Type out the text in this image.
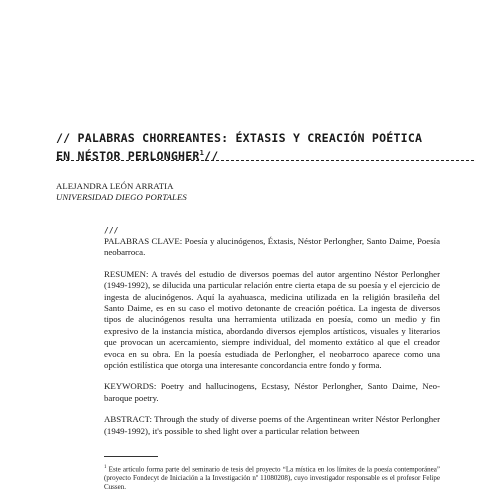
// PALABRAS CHORREANTES: ÉXTASIS Y CREACIÓN POÉTICA
EN NÉSTOR PERLONGHER$^1$//
ALEJANDRA LEÓN ARRATIA
UNIVERSIDAD DIEGO PORTALES

///

PALABRAS CLAVE: Poesía y alucinógenos, Éxtasis, Néstor Perlongher, Santo Daime, Poesía neobarroca.

RESUMEN: A través del estudio de diversos poemas del autor argentino Néstor Perlongher (1949-1992), se dilucida una particular relación entre cierta etapa de su poesía y el ejercicio de ingesta de alucinógenos. Aquí la ayahuasca, medicina utilizada en la religión brasileña del Santo Daime, es en su caso el motivo detonante de creación poética. La ingesta de diversos tipos de alucinógenos resulta una herramienta utilizada en poesía, como un medio y fin expresivo de la instancia mística, abordando diversos ejemplos artísticos, visuales y literarios que provocan un acercamiento, siempre individual, del momento extático al que el creador evoca en su obra. En la poesía estudiada de Perlongher, el neobarroco aparece como una opción estilística que otorga una interesante concordancia entre fondo y forma.

KEYWORDS: Poetry and hallucinogens, Ecstasy, Néstor Perlongher, Santo Daime, Neo-baroque poetry.

ABSTRACT: Through the study of diverse poems of the Argentinean writer Néstor Perlongher (1949-1992), it's possible to shed light over a particular relation between

$^1$ Este artículo forma parte del seminario de tesis del proyecto “La mística en los límites de la poesía contemporánea” (proyecto Fondecyt de Iniciación a la Investigación nº 11080208), cuyo investigador responsable es el profesor Felipe Cussen.
